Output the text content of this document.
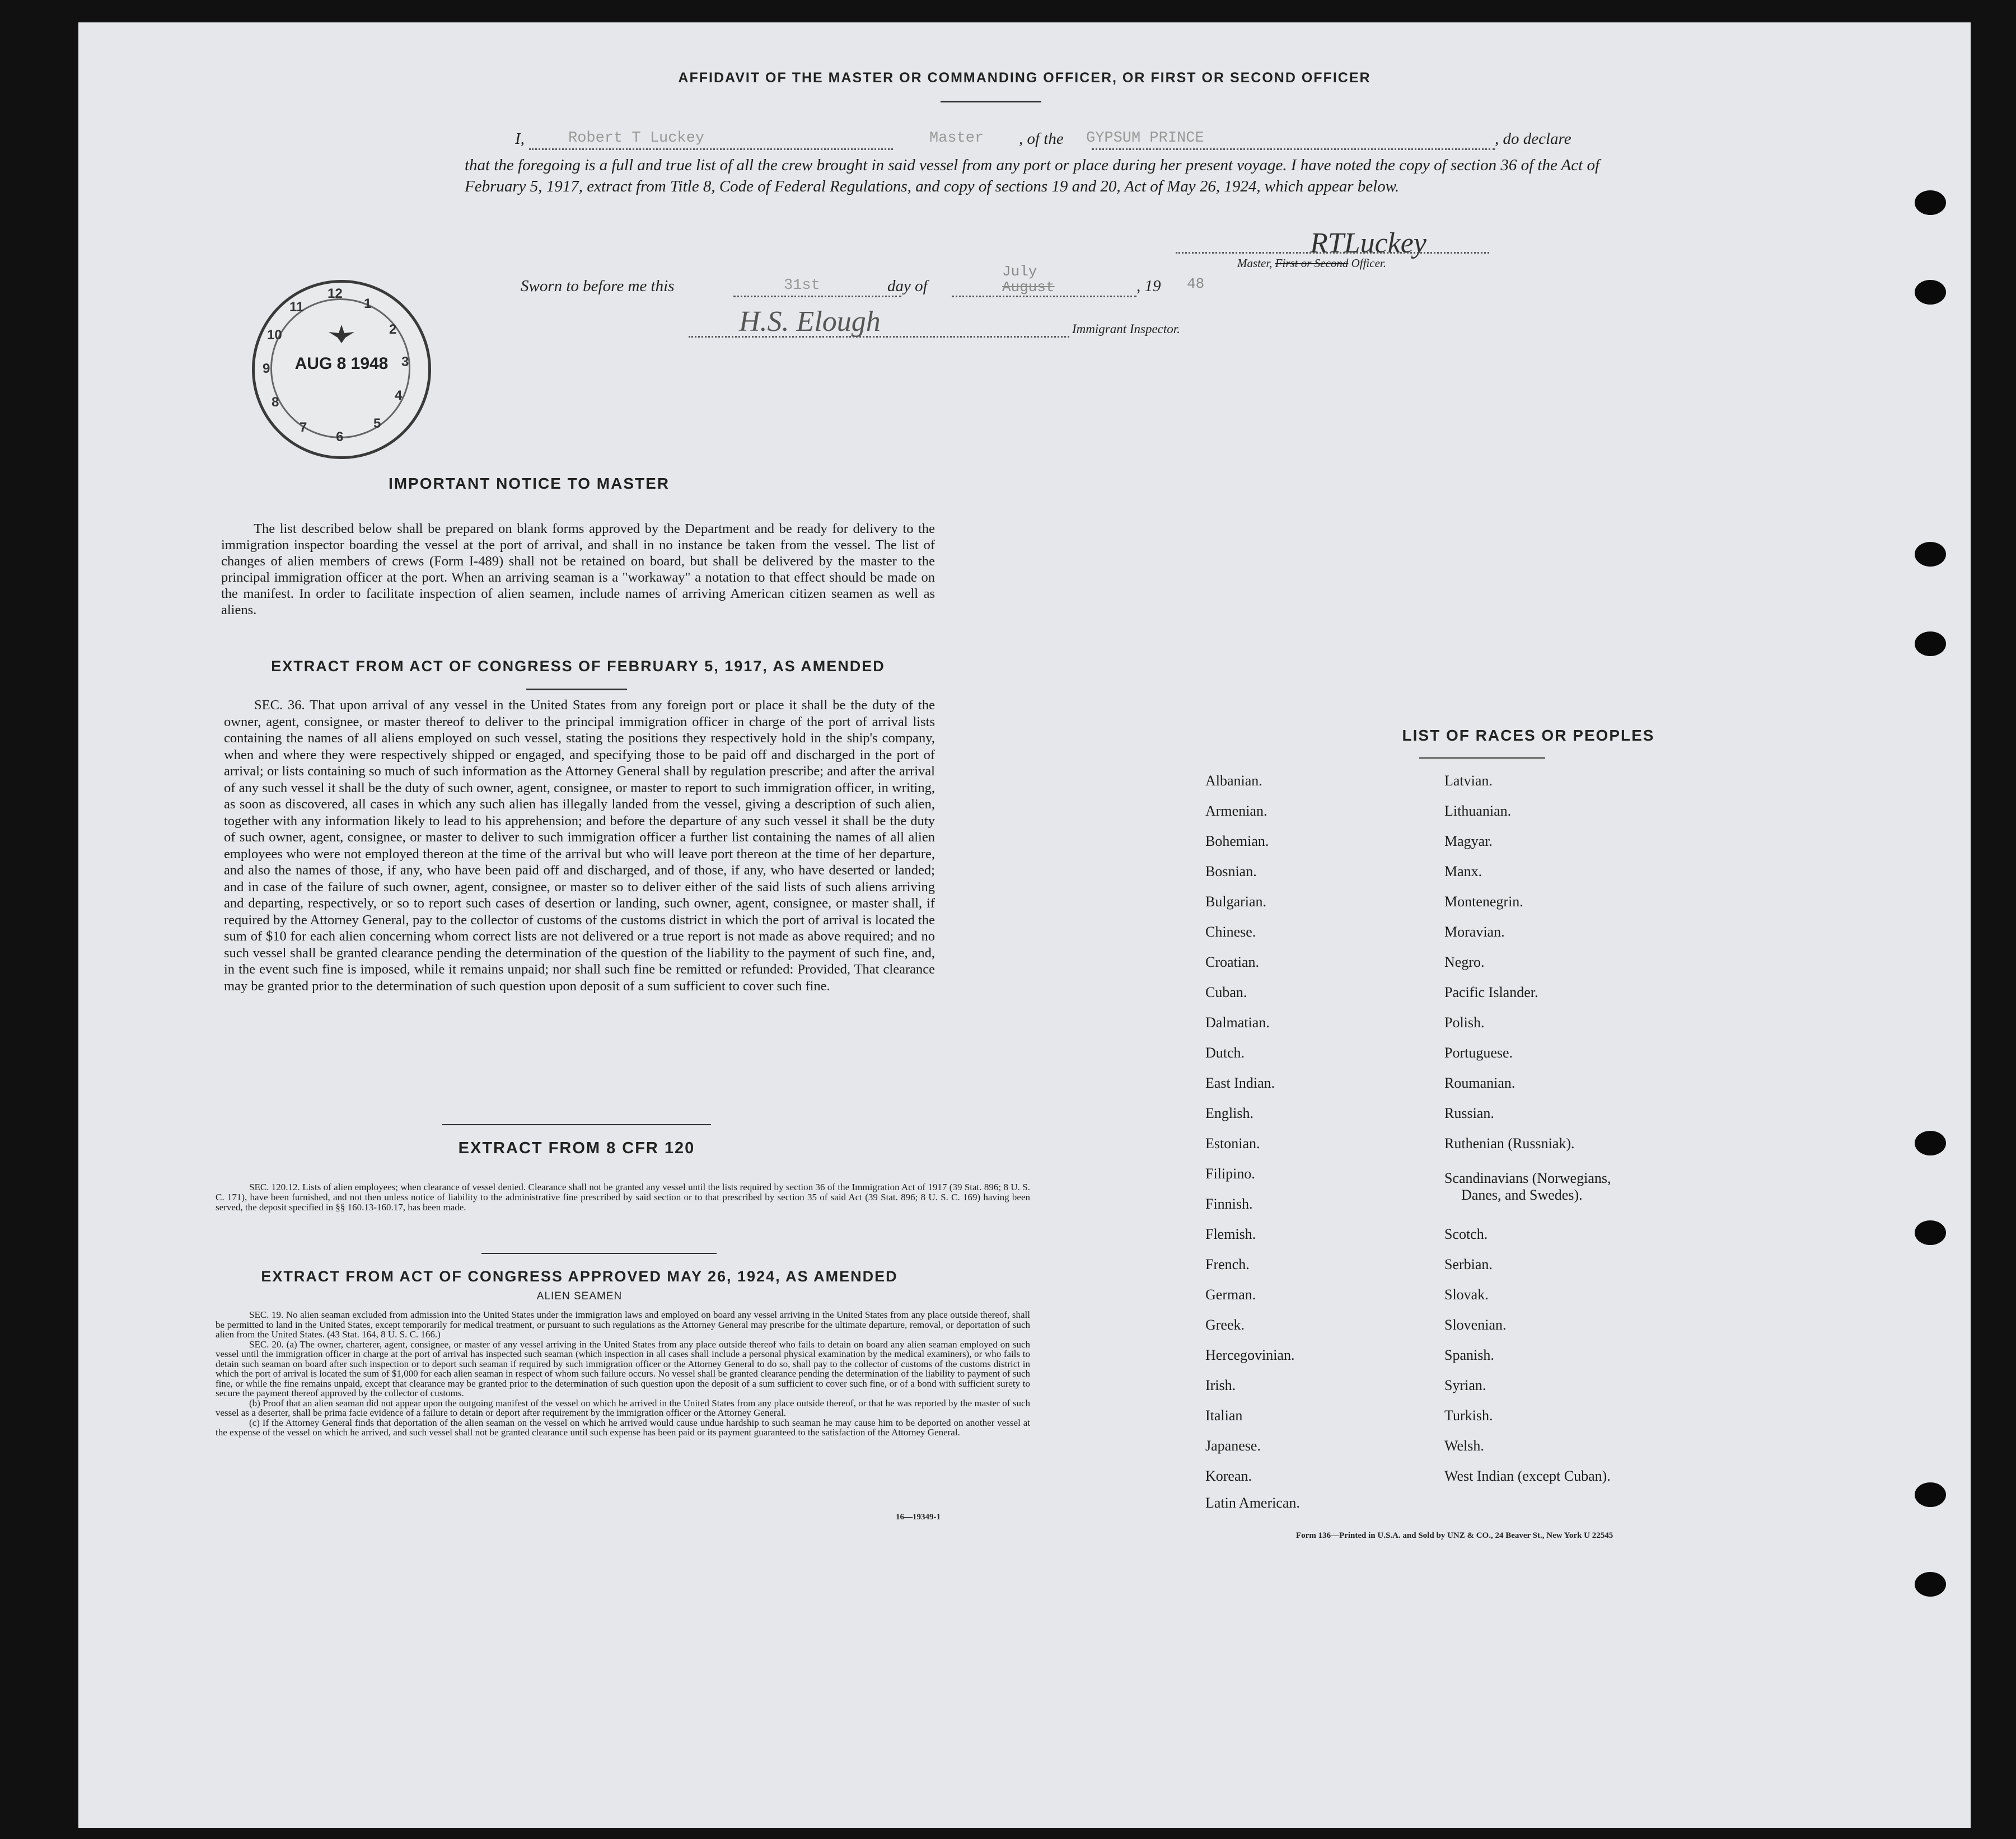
AFFIDAVIT OF THE MASTER OR COMMANDING OFFICER, OR FIRST OR SECOND OFFICER
I,	Robert T Luckey	Master , of the GYPSUM PRINCE	, do declare
that the foregoing is a full and true list of all the crew brought in said vessel from any port or place during her present voyage. I have noted the copy of section 36 of the Act of February 5, 1917, extract from Title 8, Code of Federal Regulations, and copy of sections 19 and 20, Act of May 26, 1924, which appear below.
RTLuckey
Master, First or Second Officer.
Sworn to before me this	31st	day of
July
August	, 19 48
H.S. Elough	Immigrant Inspector.
AUG 8 1948
12
1
2
3
4
5
6
7
8
9
10
11
IMPORTANT NOTICE TO MASTER
The list described below shall be prepared on blank forms approved by the Department and be ready for delivery to the immigration inspector boarding the vessel at the port of arrival, and shall in no instance be taken from the vessel. The list of changes of alien members of crews (Form I-489) shall not be retained on board, but shall be delivered by the master to the principal immigration officer at the port. When an arriving seaman is a "workaway" a notation to that effect should be made on the manifest. In order to facilitate inspection of alien seamen, include names of arriving American citizen seamen as well as aliens.
EXTRACT FROM ACT OF CONGRESS OF FEBRUARY 5, 1917, AS AMENDED
SEC. 36. That upon arrival of any vessel in the United States from any foreign port or place it shall be the duty of the owner, agent, consignee, or master thereof to deliver to the principal immigration officer in charge of the port of arrival lists containing the names of all aliens employed on such vessel, stating the positions they respectively hold in the ship's company, when and where they were respectively shipped or engaged, and specifying those to be paid off and discharged in the port of arrival; or lists containing so much of such information as the Attorney General shall by regulation prescribe; and after the arrival of any such vessel it shall be the duty of such owner, agent, consignee, or master to report to such immigration officer, in writing, as soon as discovered, all cases in which any such alien has illegally landed from the vessel, giving a description of such alien, together with any information likely to lead to his apprehension; and before the departure of any such vessel it shall be the duty of such owner, agent, consignee, or master to deliver to such immigration officer a further list containing the names of all alien employees who were not employed thereon at the time of the arrival but who will leave port thereon at the time of her departure, and also the names of those, if any, who have been paid off and discharged, and of those, if any, who have deserted or landed; and in case of the failure of such owner, agent, consignee, or master so to deliver either of the said lists of such aliens arriving and departing, respectively, or so to report such cases of desertion or landing, such owner, agent, consignee, or master shall, if required by the Attorney General, pay to the collector of customs of the customs district in which the port of arrival is located the sum of $10 for each alien concerning whom correct lists are not delivered or a true report is not made as above required; and no such vessel shall be granted clearance pending the determination of the question of the liability to the payment of such fine, and, in the event such fine is imposed, while it remains unpaid; nor shall such fine be remitted or refunded: Provided, That clearance may be granted prior to the determination of such question upon deposit of a sum sufficient to cover such fine.
EXTRACT FROM 8 CFR 120
SEC. 120.12. Lists of alien employees; when clearance of vessel denied. Clearance shall not be granted any vessel until the lists required by section 36 of the Immigration Act of 1917 (39 Stat. 896; 8 U. S. C. 171), have been furnished, and not then unless notice of liability to the administrative fine prescribed by said section or to that prescribed by section 35 of said Act (39 Stat. 896; 8 U. S. C. 169) having been served, the deposit specified in §§ 160.13-160.17, has been made.
EXTRACT FROM ACT OF CONGRESS APPROVED MAY 26, 1924, AS AMENDED
ALIEN SEAMEN
SEC. 19. No alien seaman excluded from admission into the United States under the immigration laws and employed on board any vessel arriving in the United States from any place outside thereof, shall be permitted to land in the United States, except temporarily for medical treatment, or pursuant to such regulations as the Attorney General may prescribe for the ultimate departure, removal, or deportation of such alien from the United States. (43 Stat. 164, 8 U. S. C. 166.)
SEC. 20. (a) The owner, charterer, agent, consignee, or master of any vessel arriving in the United States from any place outside thereof who fails to detain on board any alien seaman employed on such vessel until the immigration officer in charge at the port of arrival has inspected such seaman (which inspection in all cases shall include a personal physical examination by the medical examiners), or who fails to detain such seaman on board after such inspection or to deport such seaman if required by such immigration officer or the Attorney General to do so, shall pay to the collector of customs of the customs district in which the port of arrival is located the sum of $1,000 for each alien seaman in respect of whom such failure occurs. No vessel shall be granted clearance pending the determination of the liability to payment of such fine, or while the fine remains unpaid, except that clearance may be granted prior to the determination of such question upon the deposit of a sum sufficient to cover such fine, or of a bond with sufficient surety to secure the payment thereof approved by the collector of customs.
(b) Proof that an alien seaman did not appear upon the outgoing manifest of the vessel on which he arrived in the United States from any place outside thereof, or that he was reported by the master of such vessel as a deserter, shall be prima facie evidence of a failure to detain or deport after requirement by the immigration officer or the Attorney General.
(c) If the Attorney General finds that deportation of the alien seaman on the vessel on which he arrived would cause undue hardship to such seaman he may cause him to be deported on another vessel at the expense of the vessel on which he arrived, and such vessel shall not be granted clearance until such expense has been paid or its payment guaranteed to the satisfaction of the Attorney General.
16—19349-1
LIST OF RACES OR PEOPLES
Albanian.
Armenian.
Bohemian.
Bosnian.
Bulgarian.
Chinese.
Croatian.
Cuban.
Dalmatian.
Dutch.
East Indian.
English.
Estonian.
Filipino.
Finnish.
Flemish.
French.
German.
Greek.
Hercegovinian.
Irish.
Italian
Japanese.
Korean.
Latin American.
Latvian.
Lithuanian.
Magyar.
Manx.
Montenegrin.
Moravian.
Negro.
Pacific Islander.
Polish.
Portuguese.
Roumanian.
Russian.
Ruthenian (Russniak).
Scandinavians (Norwegians,
Danes, and Swedes).
Scotch.
Serbian.
Slovak.
Slovenian.
Spanish.
Syrian.
Turkish.
Welsh.
West Indian (except Cuban).
Form 136—Printed in U.S.A. and Sold by UNZ & CO., 24 Beaver St., New York U 22545
